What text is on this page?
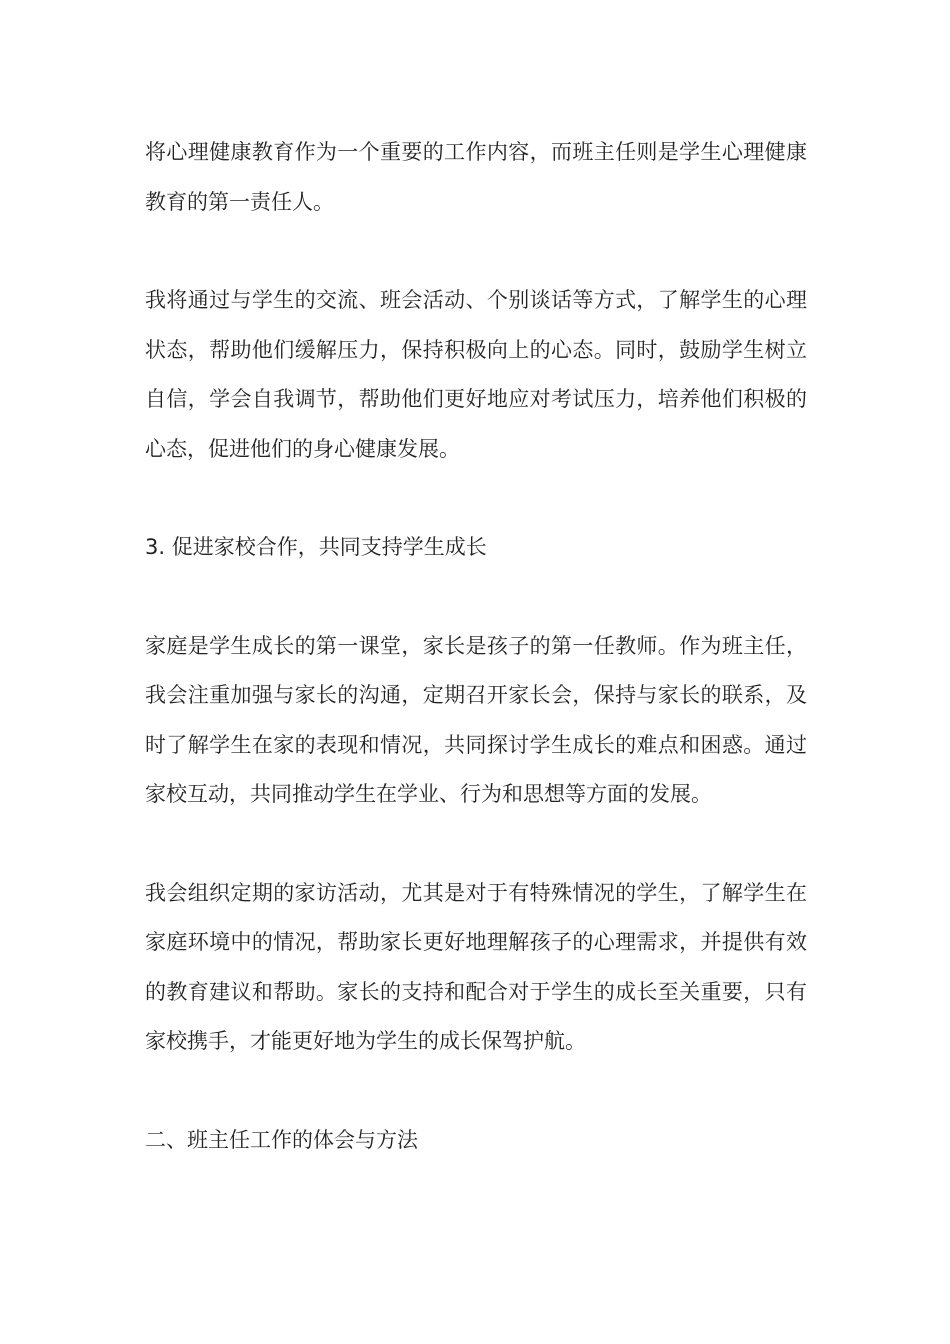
将心理健康教育作为一个重要的工作内容，而班主任则是学生心理健康教育的第一责任人。

我将通过与学生的交流、班会活动、个别谈话等方式，了解学生的心理状态，帮助他们缓解压力，保持积极向上的心态。同时，鼓励学生树立自信，学会自我调节，帮助他们更好地应对考试压力，培养他们积极的心态，促进他们的身心健康发展。

3. 促进家校合作，共同支持学生成长

家庭是学生成长的第一课堂，家长是孩子的第一任教师。作为班主任，我会注重加强与家长的沟通，定期召开家长会，保持与家长的联系，及时了解学生在家的表现和情况，共同探讨学生成长的难点和困惑。通过家校互动，共同推动学生在学业、行为和思想等方面的发展。

我会组织定期的家访活动，尤其是对于有特殊情况的学生，了解学生在家庭环境中的情况，帮助家长更好地理解孩子的心理需求，并提供有效的教育建议和帮助。家长的支持和配合对于学生的成长至关重要，只有家校携手，才能更好地为学生的成长保驾护航。

二、班主任工作的体会与方法
